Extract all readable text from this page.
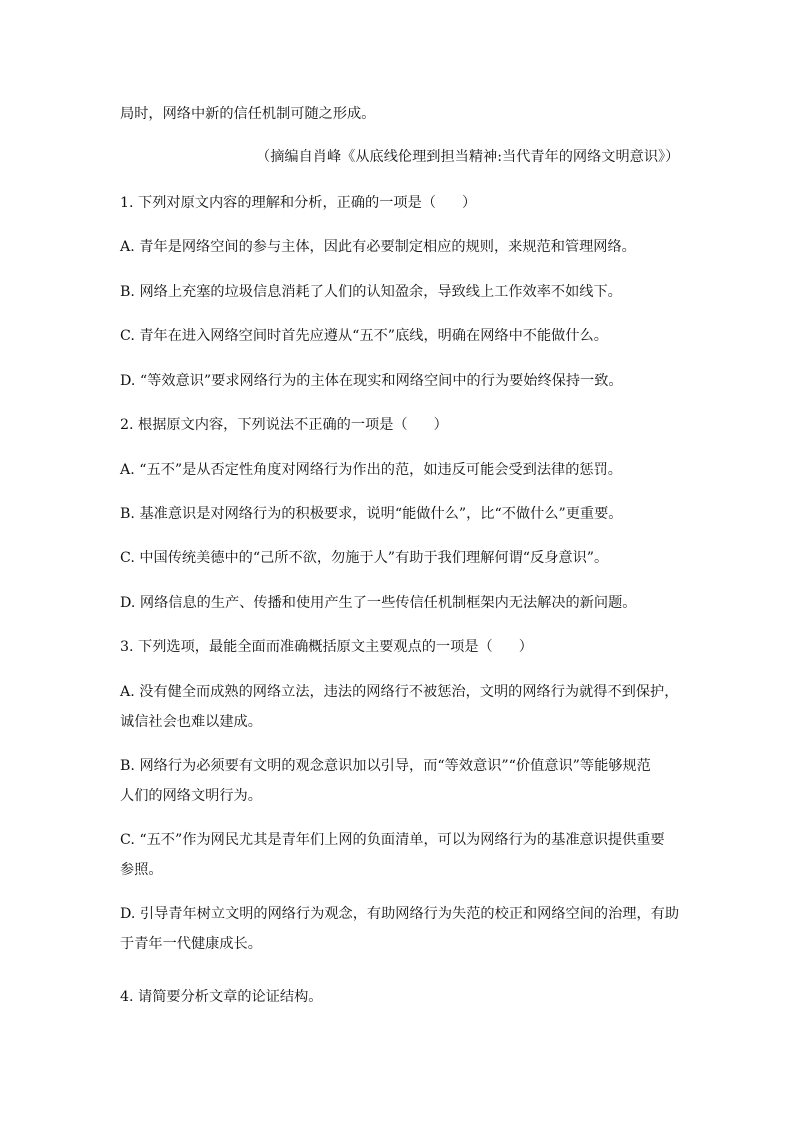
局时，网络中新的信任机制可随之形成。
（摘编自肖峰《从底线伦理到担当精神:当代青年的网络文明意识》）
1. 下列对原文内容的理解和分析，正确的一项是（ ）
A. 青年是网络空间的参与主体，因此有必要制定相应的规则，来规范和管理网络。
B. 网络上充塞的垃圾信息消耗了人们的认知盈余，导致线上工作效率不如线下。
C. 青年在进入网络空间时首先应遵从“五不”底线，明确在网络中不能做什么。
D. “等效意识”要求网络行为的主体在现实和网络空间中的行为要始终保持一致。
2. 根据原文内容，下列说法不正确的一项是（ ）
A. “五不”是从否定性角度对网络行为作出的范，如违反可能会受到法律的惩罚。
B. 基准意识是对网络行为的积极要求，说明“能做什么”，比“不做什么”更重要。
C. 中国传统美德中的“己所不欲，勿施于人”有助于我们理解何谓“反身意识”。
D. 网络信息的生产、传播和使用产生了一些传信任机制框架内无法解决的新问题。
3. 下列选项，最能全面而准确概括原文主要观点的一项是（ ）
A. 没有健全而成熟的网络立法，违法的网络行不被惩治，文明的网络行为就得不到保护，
诚信社会也难以建成。
B. 网络行为必须要有文明的观念意识加以引导，而“等效意识”“价值意识”等能够规范
人们的网络文明行为。
C. “五不”作为网民尤其是青年们上网的负面清单，可以为网络行为的基准意识提供重要
参照。
D. 引导青年树立文明的网络行为观念，有助网络行为失范的校正和网络空间的治理，有助
于青年一代健康成长。
4. 请简要分析文章的论证结构。
